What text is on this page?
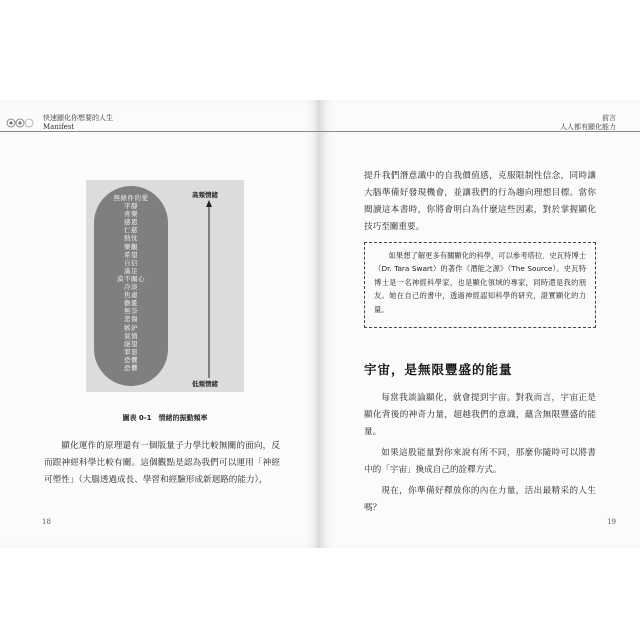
快速顯化你想要的人生
Manifest
無條件的愛
平靜
喜樂
感恩
仁慈
熱忱
樂觀
希望
自信
滿足
漠不關心
冷淡
焦慮
擔憂
無奈
悲傷
嫉妒
氣憤
絕望
罪惡
恐懼
恐懼
高頻情緒
低頻情緒
圖表 0-1　情緒的振動頻率
顯化運作的原理還有一個版量子力學比較無關的面向，反而跟神經科學比較有關。這個觀點是認為我們可以運用「神經可塑性」（大腦透過成長、學習和經驗形成新迴路的能力），
18
前言
人人都有顯化能力
提升我們潛意識中的自我價值感，克服限制性信念，同時讓大腦準備好發現機會，並讓我們的行為趨向理想目標。當你閱讀這本書時，你將會明白為什麼這些因素，對於掌握顯化技巧至關重要。
如果想了解更多有關顯化的科學，可以參考塔拉．史瓦特博士（Dr. Tara Swart）的著作《潛能之源》（The Source）。史瓦特博士是一名神經科學家，也是顯化領域的專家，同時還是我的朋友。她在自己的書中，透過神經認知科學的研究，證實顯化的力量。
宇宙，是無限豐盛的能量

每當我談論顯化，就會提到宇宙。對我而言，宇宙正是顯化背後的神奇力量，超越我們的意識，蘊含無限豐盛的能量。

如果這股能量對你來說有所不同，那麼你隨時可以將書中的「宇宙」換成自己的詮釋方式。

現在，你準備好釋放你的內在力量，活出最精采的人生嗎？

19
